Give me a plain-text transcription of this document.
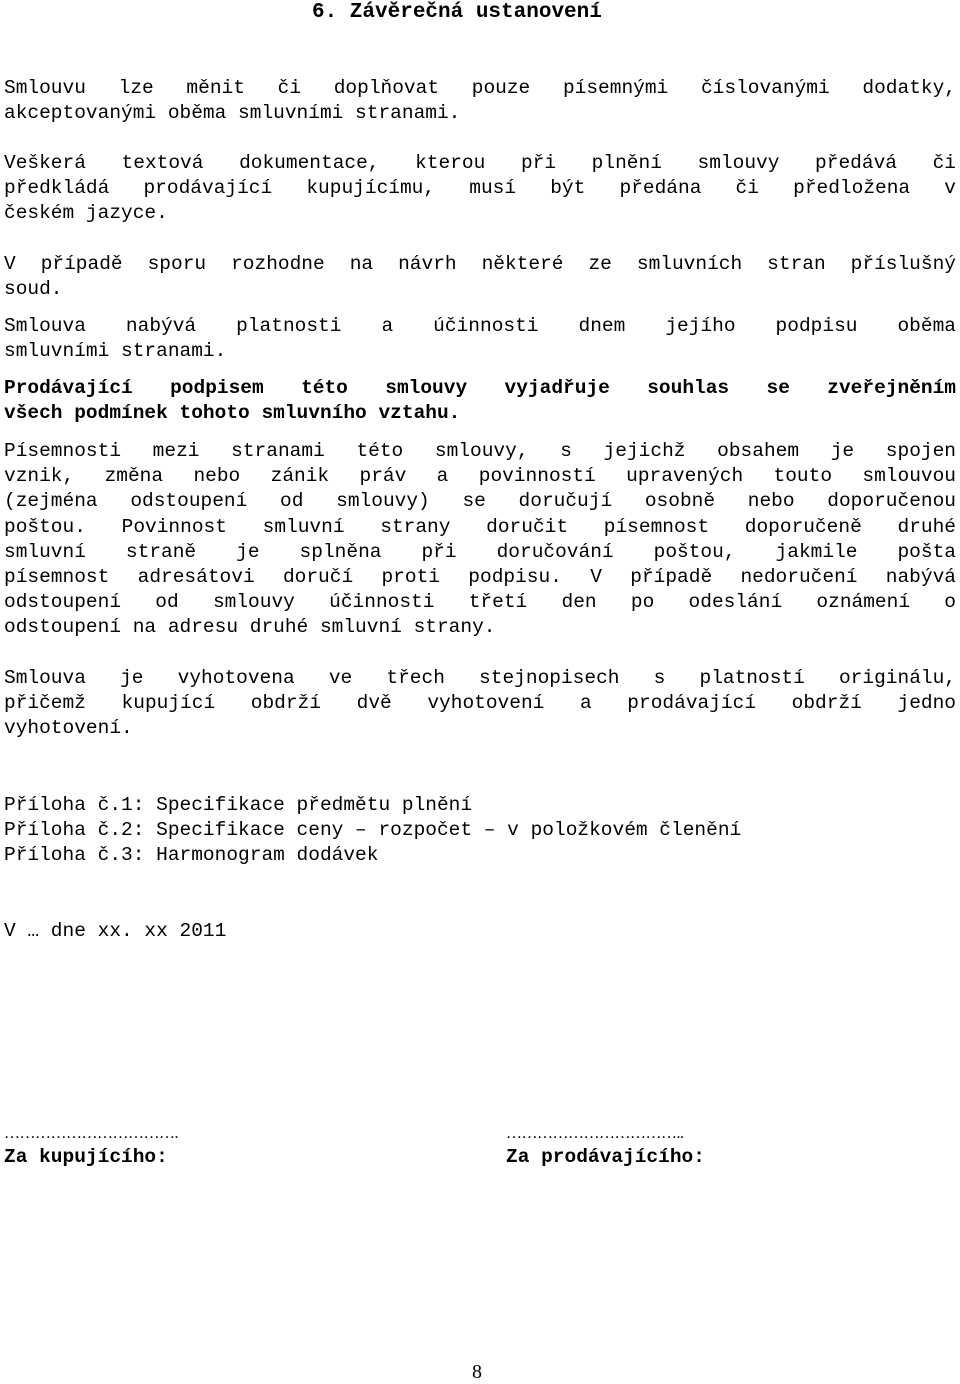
6. Závěrečná ustanovení

Smlouvu lze měnit či doplňovat pouze písemnými číslovanými dodatky,
akceptovanými oběma smluvními stranami.

Veškerá textová dokumentace, kterou při plnění smlouvy předává či
předkládá prodávající kupujícímu, musí být předána či předložena v
českém jazyce.

V případě sporu rozhodne na návrh některé ze smluvních stran příslušný
soud.

Smlouva nabývá platnosti a účinnosti dnem jejího podpisu oběma
smluvními stranami.

Prodávající podpisem této smlouvy vyjadřuje souhlas se zveřejněním
všech podmínek tohoto smluvního vztahu.

Písemnosti mezi stranami této smlouvy, s jejichž obsahem je spojen
vznik, změna nebo zánik práv a povinností upravených touto smlouvou
(zejména odstoupení od smlouvy) se doručují osobně nebo doporučenou
poštou. Povinnost smluvní strany doručit písemnost doporučeně druhé
smluvní straně je splněna při doručování poštou, jakmile pošta
písemnost adresátovi doručí proti podpisu. V případě nedoručení nabývá
odstoupení od smlouvy účinnosti třetí den po odeslání oznámení o
odstoupení na adresu druhé smluvní strany.

Smlouva je vyhotovena ve třech stejnopisech s platností originálu,
přičemž kupující obdrží dvě vyhotovení a prodávající obdrží jedno
vyhotovení.

Příloha č.1: Specifikace předmětu plnění

Příloha č.2: Specifikace ceny – rozpočet – v položkovém členění

Příloha č.3: Harmonogram dodávek

V … dne xx. xx 2011

…………………………….
Za kupujícího:
……………………………..
Za prodávajícího:
8
